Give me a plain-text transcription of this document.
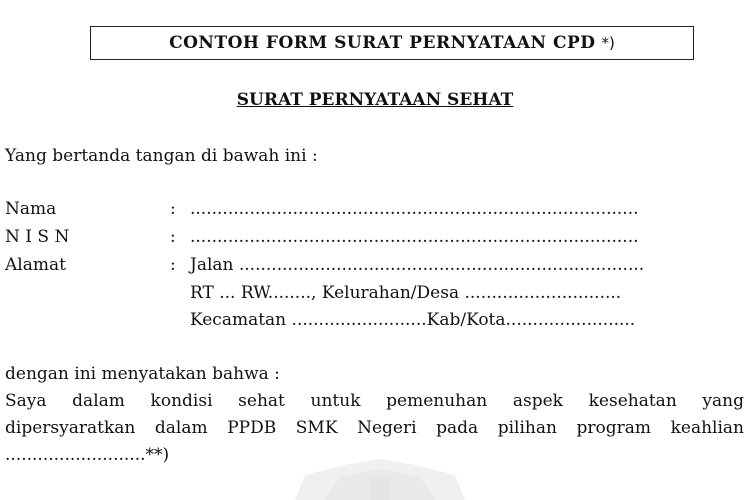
CONTOH FORM SURAT PERNYATAAN CPD *)
SURAT PERNYATAAN SEHAT
Yang bertanda tangan di bawah ini :
Nama	: ...................................................................................
N I S N	: ...................................................................................
Alamat	: Jalan ...........................................................................
RT ... RW........, Kelurahan/Desa .............................
Kecamatan .........................Kab/Kota........................
dengan ini menyatakan bahwa :
Saya dalam kondisi sehat untuk pemenuhan aspek kesehatan yang
dipersyaratkan dalam PPDB SMK Negeri pada pilihan program keahlian
..........................**)
